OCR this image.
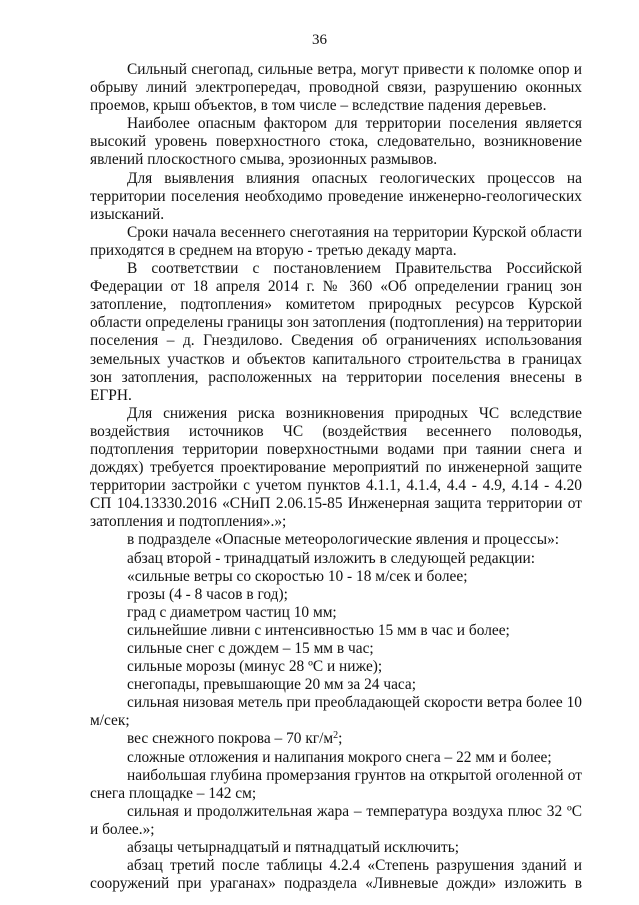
36

Сильный снегопад, сильные ветра, могут привести к поломке опор и обрыву линий электропередач, проводной связи, разрушению оконных проемов, крыш объектов, в том числе – вследствие падения деревьев.

Наиболее опасным фактором для территории поселения является высокий уровень поверхностного стока, следовательно, возникновение явлений плоскостного смыва, эрозионных размывов.

Для выявления влияния опасных геологических процессов на территории поселения необходимо проведение инженерно-геологических изысканий.

Сроки начала весеннего снеготаяния на территории Курской области приходятся в среднем на вторую - третью декаду марта.

В соответствии с постановлением Правительства Российской Федерации от 18 апреля 2014 г. № 360 «Об определении границ зон затопление, подтопления» комитетом природных ресурсов Курской области определены границы зон затопления (подтопления) на территории поселения – д. Гнездилово. Сведения об ограничениях использования земельных участков и объектов капитального строительства в границах зон затопления, расположенных на территории поселения внесены в ЕГРН.

Для снижения риска возникновения природных ЧС вследствие воздействия источников ЧС (воздействия весеннего половодья, подтопления территории поверхностными водами при таянии снега и дождях) требуется проектирование мероприятий по инженерной защите территории застройки с учетом пунктов 4.1.1, 4.1.4, 4.4 - 4.9, 4.14 - 4.20 СП 104.13330.2016 «СНиП 2.06.15-85 Инженерная защита территории от затопления и подтопления».»;

в подразделе «Опасные метеорологические явления и процессы»:

абзац второй - тринадцатый изложить в следующей редакции:

«сильные ветры со скоростью 10 - 18 м/сек и более;

грозы (4 - 8 часов в год);

град с диаметром частиц 10 мм;

сильнейшие ливни с интенсивностью 15 мм в час и более;

сильные снег с дождем – 15 мм в час;

сильные морозы (минус 28 ºС и ниже);

снегопады, превышающие 20 мм за 24 часа;

сильная низовая метель при преобладающей скорости ветра более 10 м/сек;

вес снежного покрова – 70 $кг/м^2$;

сложные отложения и налипания мокрого снега – 22 мм и более;

наибольшая глубина промерзания грунтов на открытой оголенной от снега площадке – 142 см;

сильная и продолжительная жара – температура воздуха плюс 32 ºС и более.»;

абзацы четырнадцатый и пятнадцатый исключить;

абзац третий после таблицы 4.2.4 «Степень разрушения зданий и сооружений при ураганах» подраздела «Ливневые дожди» изложить в
